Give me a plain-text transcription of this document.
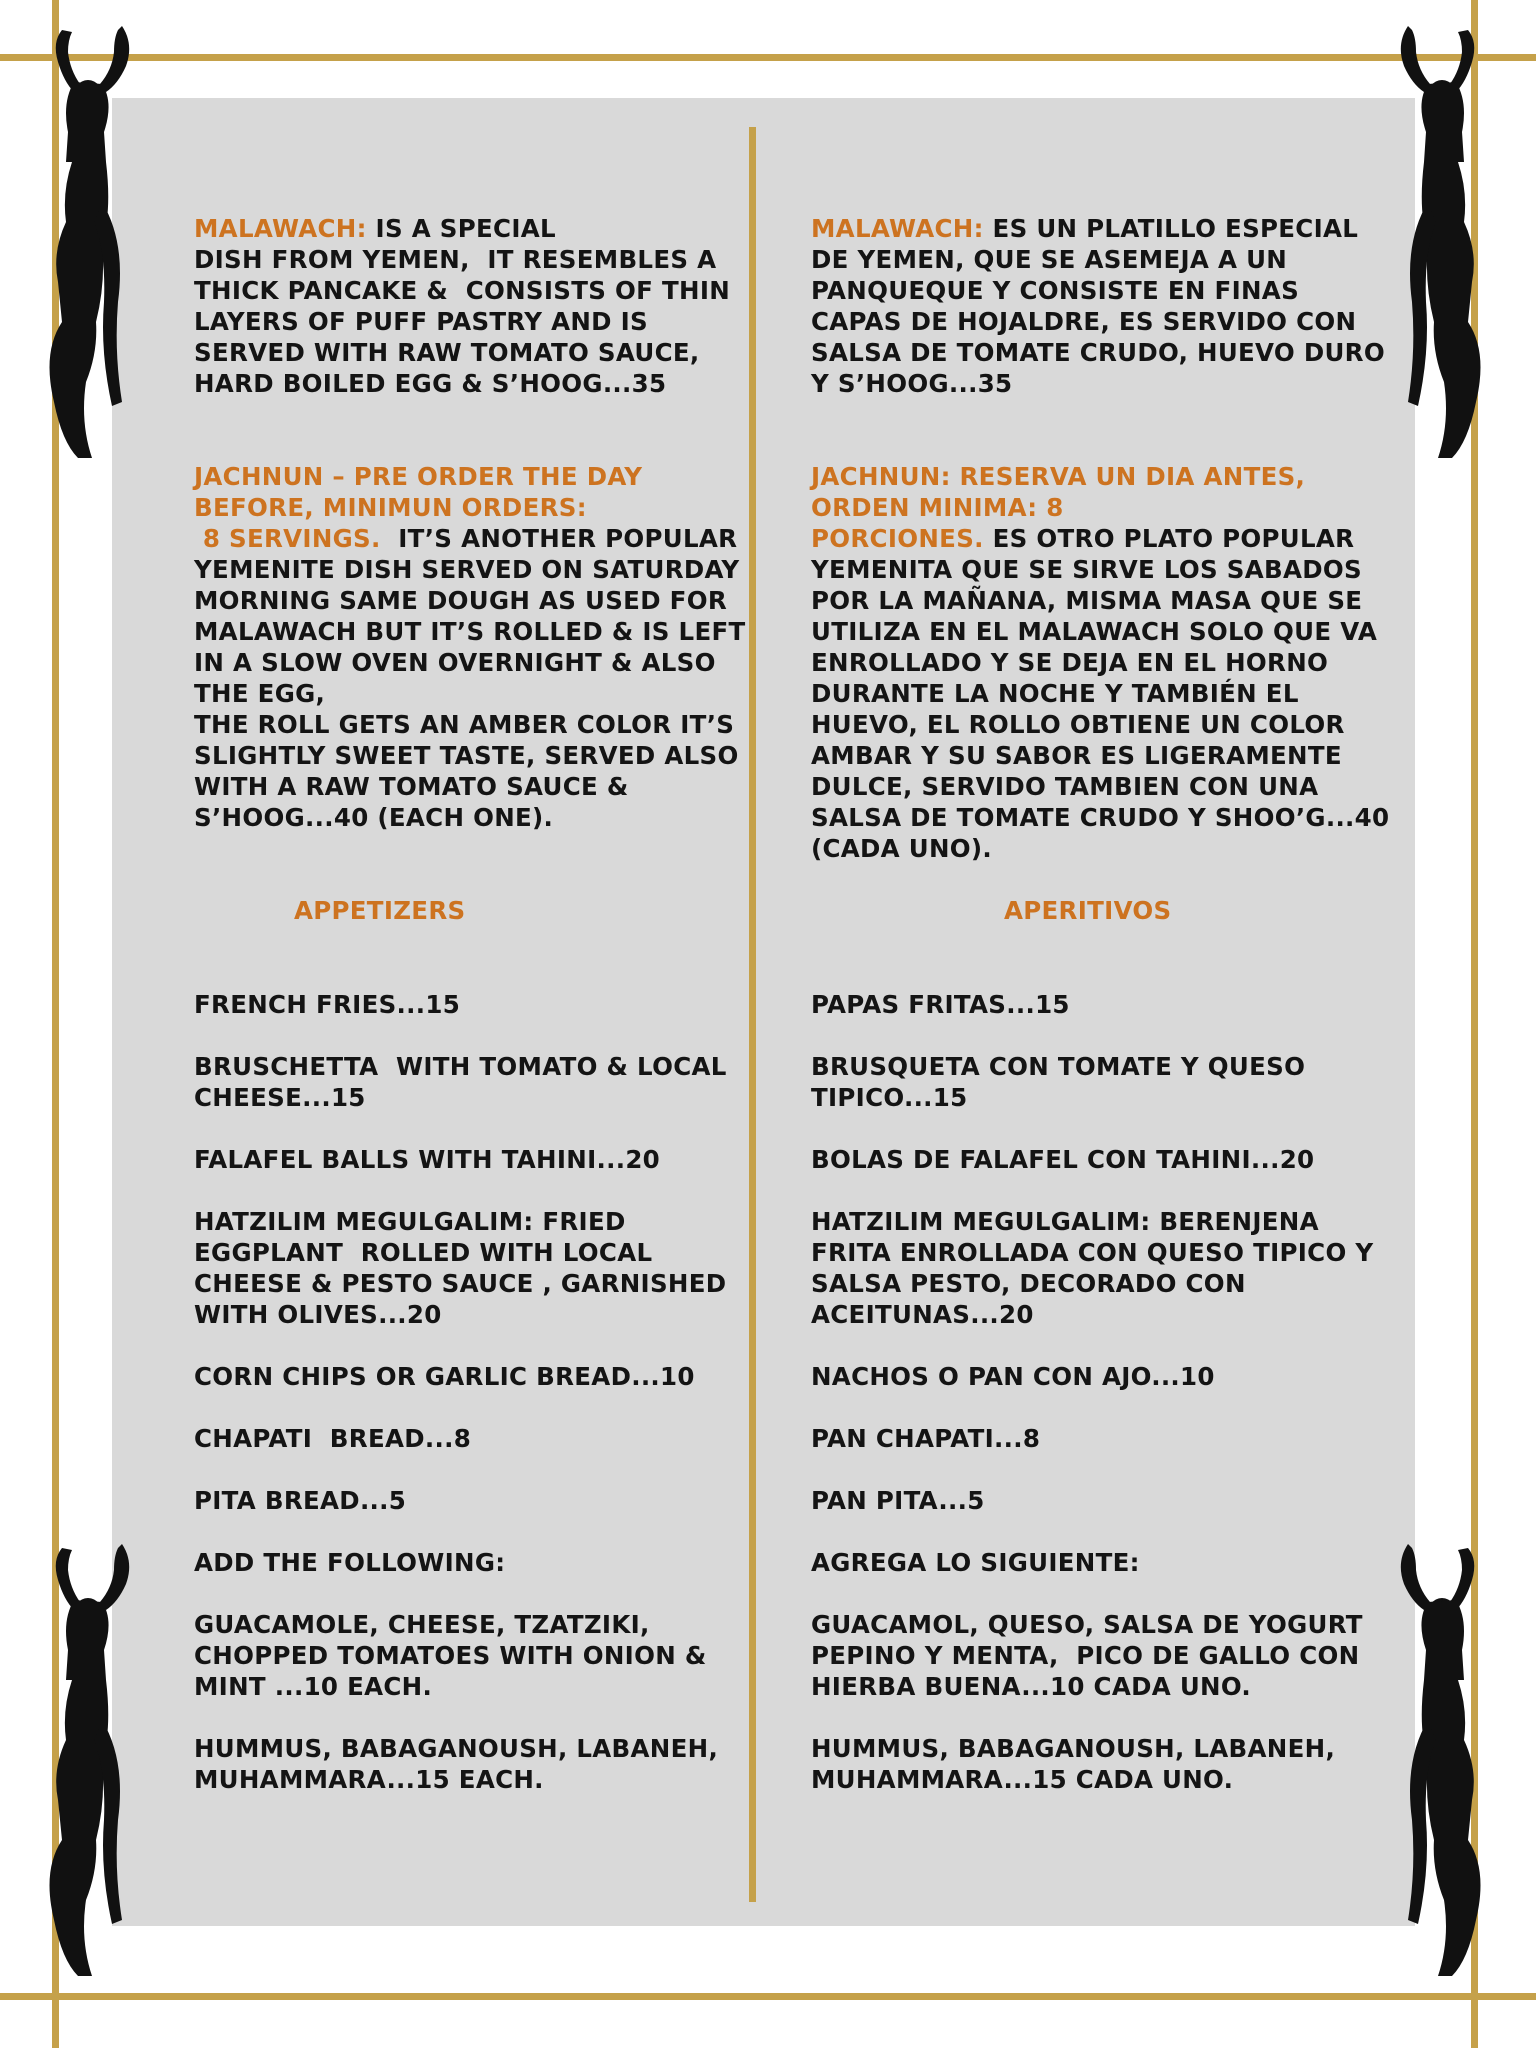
MALAWACH: IS A SPECIAL
DISH FROM YEMEN,  IT RESEMBLES A
THICK PANCAKE &  CONSISTS OF THIN
LAYERS OF PUFF PASTRY AND IS
SERVED WITH RAW TOMATO SAUCE,
HARD BOILED EGG & S’HOOG...35
JACHNUN – PRE ORDER THE DAY
BEFORE, MINIMUN ORDERS:
8 SERVINGS.  IT’S ANOTHER POPULAR
YEMENITE DISH SERVED ON SATURDAY
MORNING SAME DOUGH AS USED FOR
MALAWACH BUT IT’S ROLLED & IS LEFT
IN A SLOW OVEN OVERNIGHT & ALSO
THE EGG,
THE ROLL GETS AN AMBER COLOR IT’S
SLIGHTLY SWEET TASTE, SERVED ALSO
WITH A RAW TOMATO SAUCE &
S’HOOG...40 (EACH ONE).
APPETIZERS
FRENCH FRIES...15
BRUSCHETTA  WITH TOMATO & LOCAL
CHEESE...15
FALAFEL BALLS WITH TAHINI...20
HATZILIM MEGULGALIM: FRIED
EGGPLANT  ROLLED WITH LOCAL
CHEESE & PESTO SAUCE , GARNISHED
WITH OLIVES...20
CORN CHIPS OR GARLIC BREAD...10
CHAPATI  BREAD...8
PITA BREAD...5
ADD THE FOLLOWING:
GUACAMOLE, CHEESE, TZATZIKI,
CHOPPED TOMATOES WITH ONION &
MINT ...10 EACH.
HUMMUS, BABAGANOUSH, LABANEH,
MUHAMMARA...15 EACH.
MALAWACH: ES UN PLATILLO ESPECIAL
DE YEMEN, QUE SE ASEMEJA A UN
PANQUEQUE Y CONSISTE EN FINAS
CAPAS DE HOJALDRE, ES SERVIDO CON
SALSA DE TOMATE CRUDO, HUEVO DURO
Y S’HOOG...35
JACHNUN: RESERVA UN DIA ANTES,
ORDEN MINIMA: 8
PORCIONES. ES OTRO PLATO POPULAR
YEMENITA QUE SE SIRVE LOS SABADOS
POR LA MAÑANA, MISMA MASA QUE SE
UTILIZA EN EL MALAWACH SOLO QUE VA
ENROLLADO Y SE DEJA EN EL HORNO
DURANTE LA NOCHE Y TAMBIÉN EL
HUEVO, EL ROLLO OBTIENE UN COLOR
AMBAR Y SU SABOR ES LIGERAMENTE
DULCE, SERVIDO TAMBIEN CON UNA
SALSA DE TOMATE CRUDO Y SHOO’G...40
(CADA UNO).
APERITIVOS
PAPAS FRITAS...15
BRUSQUETA CON TOMATE Y QUESO
TIPICO...15
BOLAS DE FALAFEL CON TAHINI...20
HATZILIM MEGULGALIM: BERENJENA
FRITA ENROLLADA CON QUESO TIPICO Y
SALSA PESTO, DECORADO CON
ACEITUNAS...20
NACHOS O PAN CON AJO...10
PAN CHAPATI...8
PAN PITA...5
AGREGA LO SIGUIENTE:
GUACAMOL, QUESO, SALSA DE YOGURT
PEPINO Y MENTA,  PICO DE GALLO CON
HIERBA BUENA...10 CADA UNO.
HUMMUS, BABAGANOUSH, LABANEH,
MUHAMMARA...15 CADA UNO.
